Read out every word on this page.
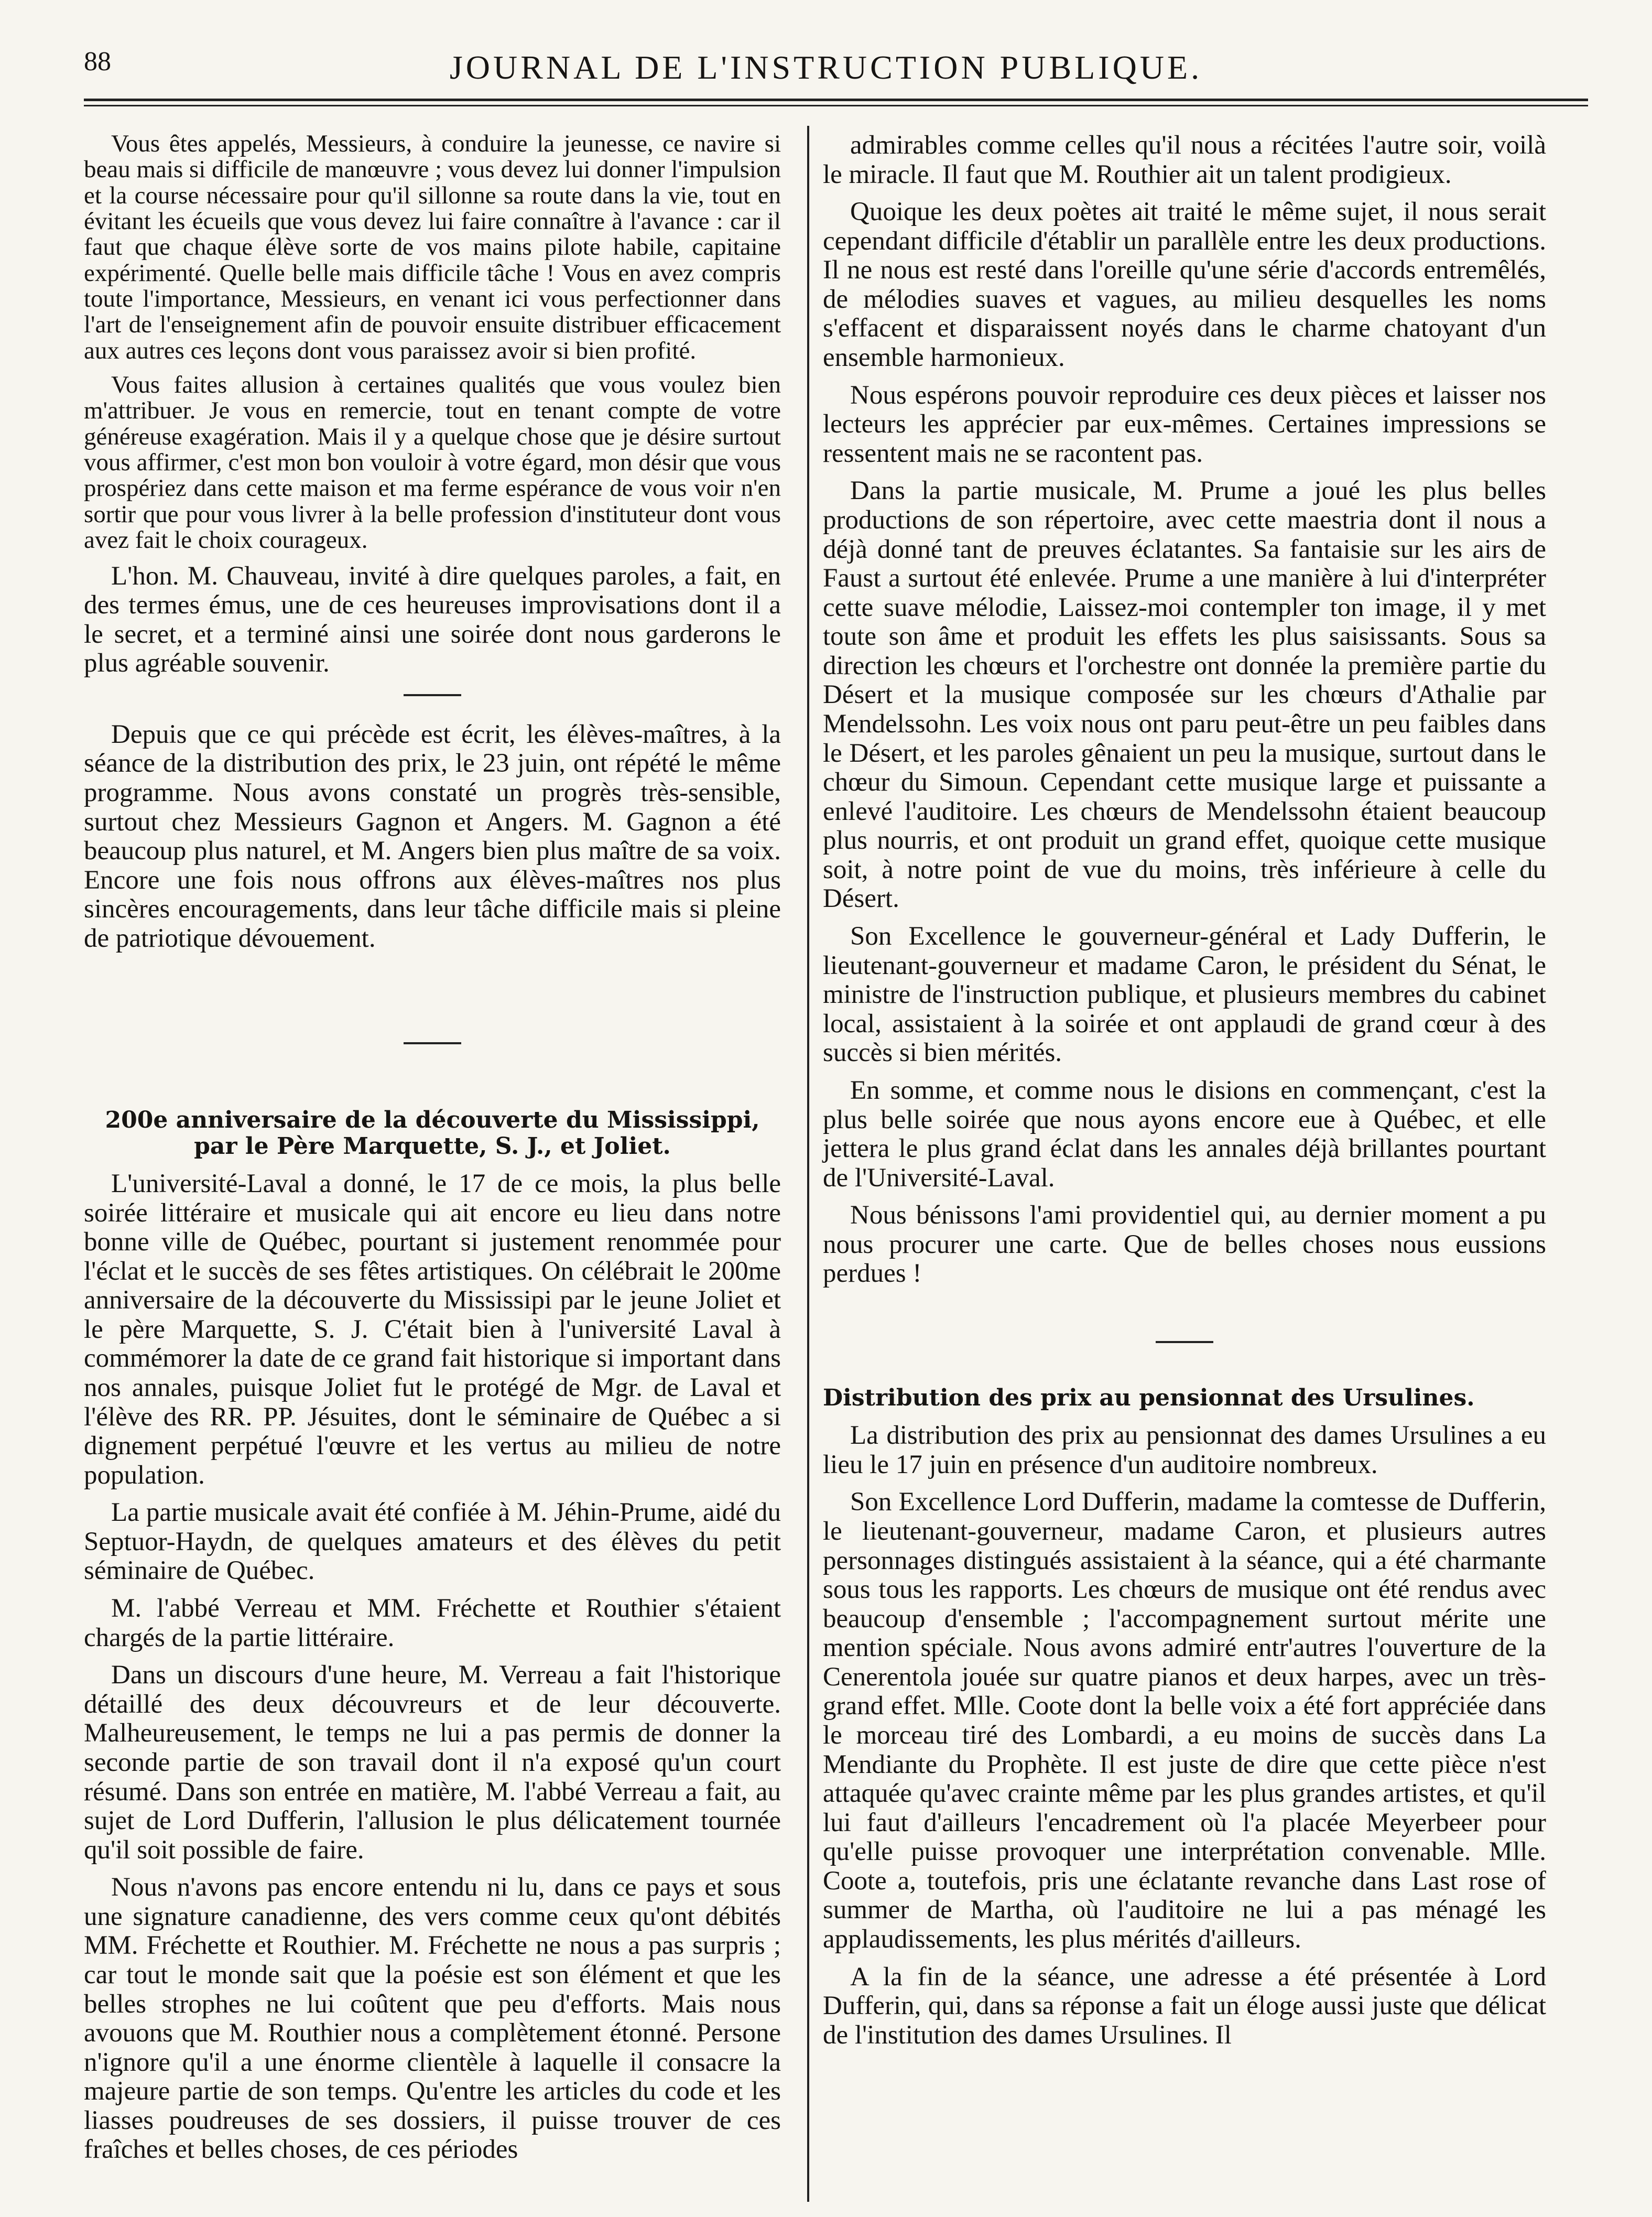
88	JOURNAL DE L'INSTRUCTION PUBLIQUE.

Vous êtes appelés, Messieurs, à conduire la jeunesse, ce navire si beau mais si difficile de manœuvre ; vous devez lui donner l'impulsion et la course nécessaire pour qu'il sillonne sa route dans la vie, tout en évitant les écueils que vous devez lui faire connaître à l'avance : car il faut que chaque élève sorte de vos mains pilote habile, capitaine expérimenté. Quelle belle mais difficile tâche ! Vous en avez compris toute l'importance, Messieurs, en venant ici vous perfectionner dans l'art de l'enseignement afin de pouvoir ensuite distribuer efficacement aux autres ces leçons dont vous paraissez avoir si bien profité.

Vous faites allusion à certaines qualités que vous voulez bien m'attribuer. Je vous en remercie, tout en tenant compte de votre généreuse exagération. Mais il y a quelque chose que je désire surtout vous affirmer, c'est mon bon vouloir à votre égard, mon désir que vous prospériez dans cette maison et ma ferme espérance de vous voir n'en sortir que pour vous livrer à la belle profession d'instituteur dont vous avez fait le choix courageux.

L'hon. M. Chauveau, invité à dire quelques paroles, a fait, en des termes émus, une de ces heureuses improvisations dont il a le secret, et a terminé ainsi une soirée dont nous garderons le plus agréable souvenir.

Depuis que ce qui précède est écrit, les élèves-maîtres, à la séance de la distribution des prix, le 23 juin, ont répété le même programme. Nous avons constaté un progrès très-sensible, surtout chez Messieurs Gagnon et Angers. M. Gagnon a été beaucoup plus naturel, et M. Angers bien plus maître de sa voix. Encore une fois nous offrons aux élèves-maîtres nos plus sincères encouragements, dans leur tâche difficile mais si pleine de patriotique dévouement.

200e anniversaire de la découverte du Mississippi, par le Père Marquette, S. J., et Joliet.

L'université-Laval a donné, le 17 de ce mois, la plus belle soirée littéraire et musicale qui ait encore eu lieu dans notre bonne ville de Québec, pourtant si justement renommée pour l'éclat et le succès de ses fêtes artistiques. On célébrait le 200me anniversaire de la découverte du Mississipi par le jeune Joliet et le père Marquette, S. J. C'était bien à l'université Laval à commémorer la date de ce grand fait historique si important dans nos annales, puisque Joliet fut le protégé de Mgr. de Laval et l'élève des RR. PP. Jésuites, dont le séminaire de Québec a si dignement perpétué l'œuvre et les vertus au milieu de notre population.

La partie musicale avait été confiée à M. Jéhin-Prume, aidé du Septuor-Haydn, de quelques amateurs et des élèves du petit séminaire de Québec.

M. l'abbé Verreau et MM. Fréchette et Routhier s'étaient chargés de la partie littéraire.

Dans un discours d'une heure, M. Verreau a fait l'historique détaillé des deux découvreurs et de leur découverte. Malheureusement, le temps ne lui a pas permis de donner la seconde partie de son travail dont il n'a exposé qu'un court résumé. Dans son entrée en matière, M. l'abbé Verreau a fait, au sujet de Lord Dufferin, l'allusion le plus délicatement tournée qu'il soit possible de faire.

Nous n'avons pas encore entendu ni lu, dans ce pays et sous une signature canadienne, des vers comme ceux qu'ont débités MM. Fréchette et Routhier. M. Fréchette ne nous a pas surpris ; car tout le monde sait que la poésie est son élément et que les belles strophes ne lui coûtent que peu d'efforts. Mais nous avouons que M. Routhier nous a complètement étonné. Persone n'ignore qu'il a une énorme clientèle à laquelle il consacre la majeure partie de son temps. Qu'entre les articles du code et les liasses poudreuses de ses dossiers, il puisse trouver de ces fraîches et belles choses, de ces périodes

admirables comme celles qu'il nous a récitées l'autre soir, voilà le miracle. Il faut que M. Routhier ait un talent prodigieux.

Quoique les deux poètes ait traité le même sujet, il nous serait cependant difficile d'établir un parallèle entre les deux productions. Il ne nous est resté dans l'oreille qu'une série d'accords entremêlés, de mélodies suaves et vagues, au milieu desquelles les noms s'effacent et disparaissent noyés dans le charme chatoyant d'un ensemble harmonieux.

Nous espérons pouvoir reproduire ces deux pièces et laisser nos lecteurs les apprécier par eux-mêmes. Certaines impressions se ressentent mais ne se racontent pas.

Dans la partie musicale, M. Prume a joué les plus belles productions de son répertoire, avec cette maestria dont il nous a déjà donné tant de preuves éclatantes. Sa fantaisie sur les airs de Faust a surtout été enlevée. Prume a une manière à lui d'interpréter cette suave mélodie, Laissez-moi contempler ton image, il y met toute son âme et produit les effets les plus saisissants. Sous sa direction les chœurs et l'orchestre ont donnée la première partie du Désert et la musique composée sur les chœurs d'Athalie par Mendelssohn. Les voix nous ont paru peut-être un peu faibles dans le Désert, et les paroles gênaient un peu la musique, surtout dans le chœur du Simoun. Cependant cette musique large et puissante a enlevé l'auditoire. Les chœurs de Mendelssohn étaient beaucoup plus nourris, et ont produit un grand effet, quoique cette musique soit, à notre point de vue du moins, très inférieure à celle du Désert.

Son Excellence le gouverneur-général et Lady Dufferin, le lieutenant-gouverneur et madame Caron, le président du Sénat, le ministre de l'instruction publique, et plusieurs membres du cabinet local, assistaient à la soirée et ont applaudi de grand cœur à des succès si bien mérités.

En somme, et comme nous le disions en commençant, c'est la plus belle soirée que nous ayons encore eue à Québec, et elle jettera le plus grand éclat dans les annales déjà brillantes pourtant de l'Université-Laval.

Nous bénissons l'ami providentiel qui, au dernier moment a pu nous procurer une carte. Que de belles choses nous eussions perdues !

Distribution des prix au pensionnat des Ursulines.

La distribution des prix au pensionnat des dames Ursulines a eu lieu le 17 juin en présence d'un auditoire nombreux.

Son Excellence Lord Dufferin, madame la comtesse de Dufferin, le lieutenant-gouverneur, madame Caron, et plusieurs autres personnages distingués assistaient à la séance, qui a été charmante sous tous les rapports. Les chœurs de musique ont été rendus avec beaucoup d'ensemble ; l'accompagnement surtout mérite une mention spéciale. Nous avons admiré entr'autres l'ouverture de la Cenerentola jouée sur quatre pianos et deux harpes, avec un très-grand effet. Mlle. Coote dont la belle voix a été fort appréciée dans le morceau tiré des Lombardi, a eu moins de succès dans La Mendiante du Prophète. Il est juste de dire que cette pièce n'est attaquée qu'avec crainte même par les plus grandes artistes, et qu'il lui faut d'ailleurs l'encadrement où l'a placée Meyerbeer pour qu'elle puisse provoquer une interprétation convenable. Mlle. Coote a, toutefois, pris une éclatante revanche dans Last rose of summer de Martha, où l'auditoire ne lui a pas ménagé les applaudissements, les plus mérités d'ailleurs.

A la fin de la séance, une adresse a été présentée à Lord Dufferin, qui, dans sa réponse a fait un éloge aussi juste que délicat de l'institution des dames Ursulines. Il
